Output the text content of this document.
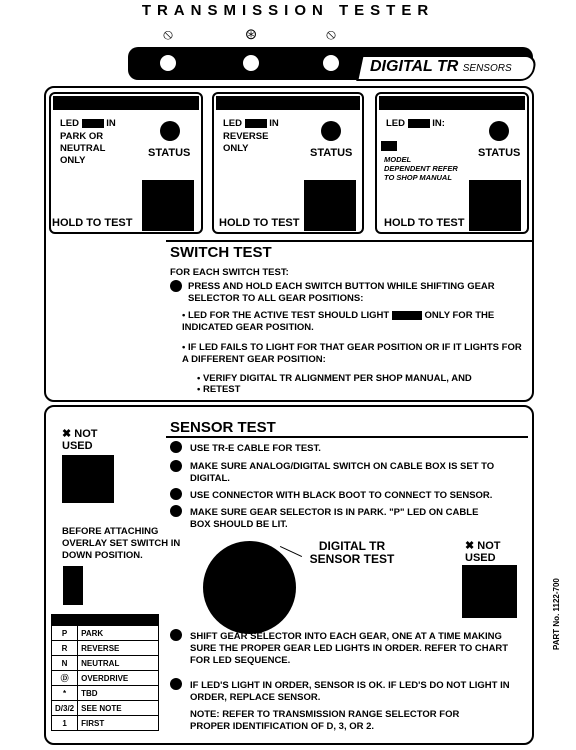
TRANSMISSION TESTER
⦸	⊛	⦸
DIGITAL TR SENSORS
LED	IN
PARK OR NEUTRAL ONLY
STATUS
HOLD TO TEST
LED	IN
REVERSE ONLY	STATUS
HOLD TO TEST
LED	IN:
MODEL DEPENDENT REFER TO SHOP MANUAL
STATUS
HOLD TO TEST
SWITCH TEST
FOR EACH SWITCH TEST:
PRESS AND HOLD EACH SWITCH BUTTON WHILE SHIFTING GEAR SELECTOR TO ALL GEAR POSITIONS:
• LED FOR THE ACTIVE TEST SHOULD LIGHT	ONLY FOR THE INDICATED GEAR POSITION.
• IF LED FAILS TO LIGHT FOR THAT GEAR POSITION OR IF IT LIGHTS FOR A DIFFERENT GEAR POSITION:
• VERIFY DIGITAL TR ALIGNMENT PER SHOP MANUAL, AND
• RETEST
SENSOR TEST
✖ NOT USED	USE TR-E CABLE FOR TEST.
MAKE SURE ANALOG/DIGITAL SWITCH ON CABLE BOX IS SET TO DIGITAL.
USE CONNECTOR WITH BLACK BOOT TO CONNECT TO SENSOR.
MAKE SURE GEAR SELECTOR IS IN PARK. "P" LED ON CABLE BOX SHOULD BE LIT.
BEFORE ATTACHING OVERLAY SET SWITCH IN DOWN POSITION.
DIGITAL TR SENSOR TEST
✖ NOT USED

P	PARK
R	REVERSE
N	NEUTRAL
Ⓓ	OVERDRIVE
*	TBD
D/3/2	SEE NOTE
1	FIRST
SHIFT GEAR SELECTOR INTO EACH GEAR, ONE AT A TIME MAKING SURE THE PROPER GEAR LED LIGHTS IN ORDER. REFER TO CHART FOR LED SEQUENCE.
IF LED'S LIGHT IN ORDER, SENSOR IS OK. IF LED'S DO NOT LIGHT IN ORDER, REPLACE SENSOR.
NOTE: REFER TO TRANSMISSION RANGE SELECTOR FOR PROPER IDENTIFICATION OF D, 3, OR 2.
PART No. 1122-700
